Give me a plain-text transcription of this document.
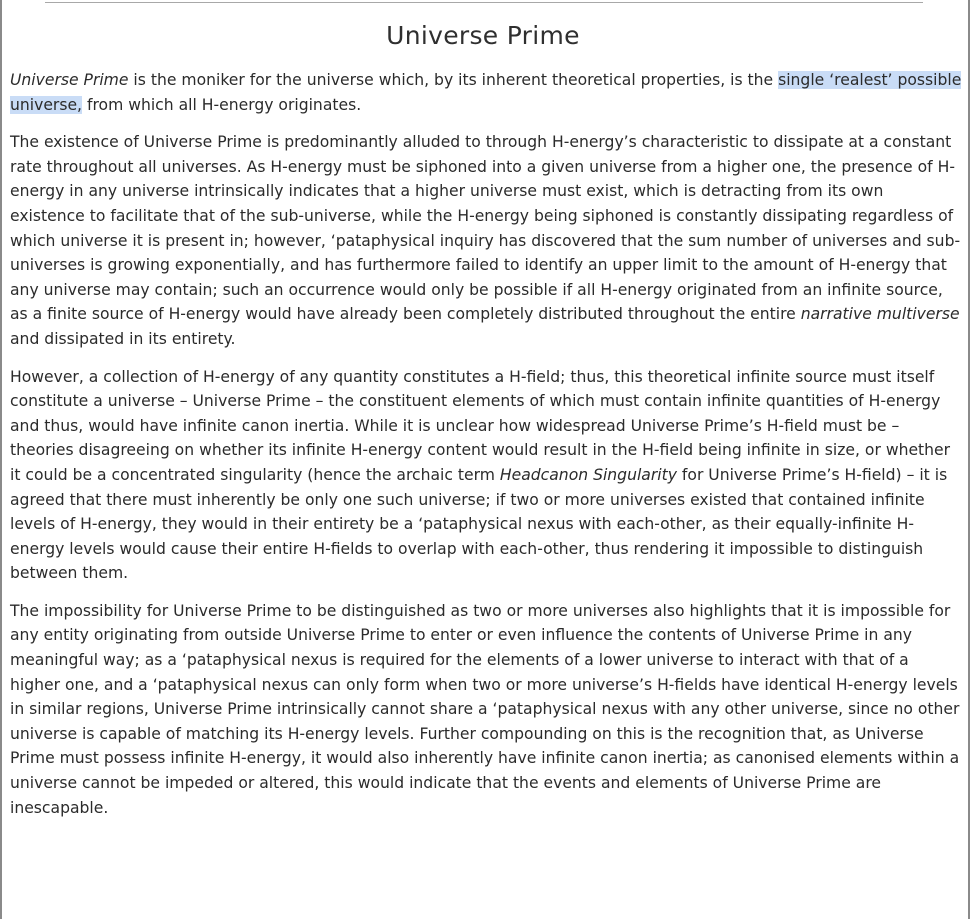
Universe Prime

Universe Prime is the moniker for the universe which, by its inherent theoretical properties, is the single ‘realest’ possible universe, from which all H-energy originates.

The existence of Universe Prime is predominantly alluded to through H-energy’s characteristic to dissipate at a constant rate throughout all universes. As H-energy must be siphoned into a given universe from a higher one, the presence of H-energy in any universe intrinsically indicates that a higher universe must exist, which is detracting from its own existence to facilitate that of the sub-universe, while the H-energy being siphoned is constantly dissipating regardless of which universe it is present in; however, ‘pataphysical inquiry has discovered that the sum number of universes and sub-universes is growing exponentially, and has furthermore failed to identify an upper limit to the amount of H-energy that any universe may contain; such an occurrence would only be possible if all H-energy originated from an infinite source, as a finite source of H-energy would have already been completely distributed throughout the entire narrative multiverse and dissipated in its entirety.

However, a collection of H-energy of any quantity constitutes a H-field; thus, this theoretical infinite source must itself constitute a universe – Universe Prime – the constituent elements of which must contain infinite quantities of H-energy and thus, would have infinite canon inertia. While it is unclear how widespread Universe Prime’s H-field must be – theories disagreeing on whether its infinite H-energy content would result in the H-field being infinite in size, or whether it could be a concentrated singularity (hence the archaic term Headcanon Singularity for Universe Prime’s H-field) – it is agreed that there must inherently be only one such universe; if two or more universes existed that contained infinite levels of H-energy, they would in their entirety be a ‘pataphysical nexus with each-other, as their equally-infinite H-energy levels would cause their entire H-fields to overlap with each-other, thus rendering it impossible to distinguish between them.

The impossibility for Universe Prime to be distinguished as two or more universes also highlights that it is impossible for any entity originating from outside Universe Prime to enter or even influence the contents of Universe Prime in any meaningful way; as a ‘pataphysical nexus is required for the elements of a lower universe to interact with that of a higher one, and a ‘pataphysical nexus can only form when two or more universe’s H-fields have identical H-energy levels in similar regions, Universe Prime intrinsically cannot share a ‘pataphysical nexus with any other universe, since no other universe is capable of matching its H-energy levels. Further compounding on this is the recognition that, as Universe Prime must possess infinite H-energy, it would also inherently have infinite canon inertia; as canonised elements within a universe cannot be impeded or altered, this would indicate that the events and elements of Universe Prime are inescapable.
